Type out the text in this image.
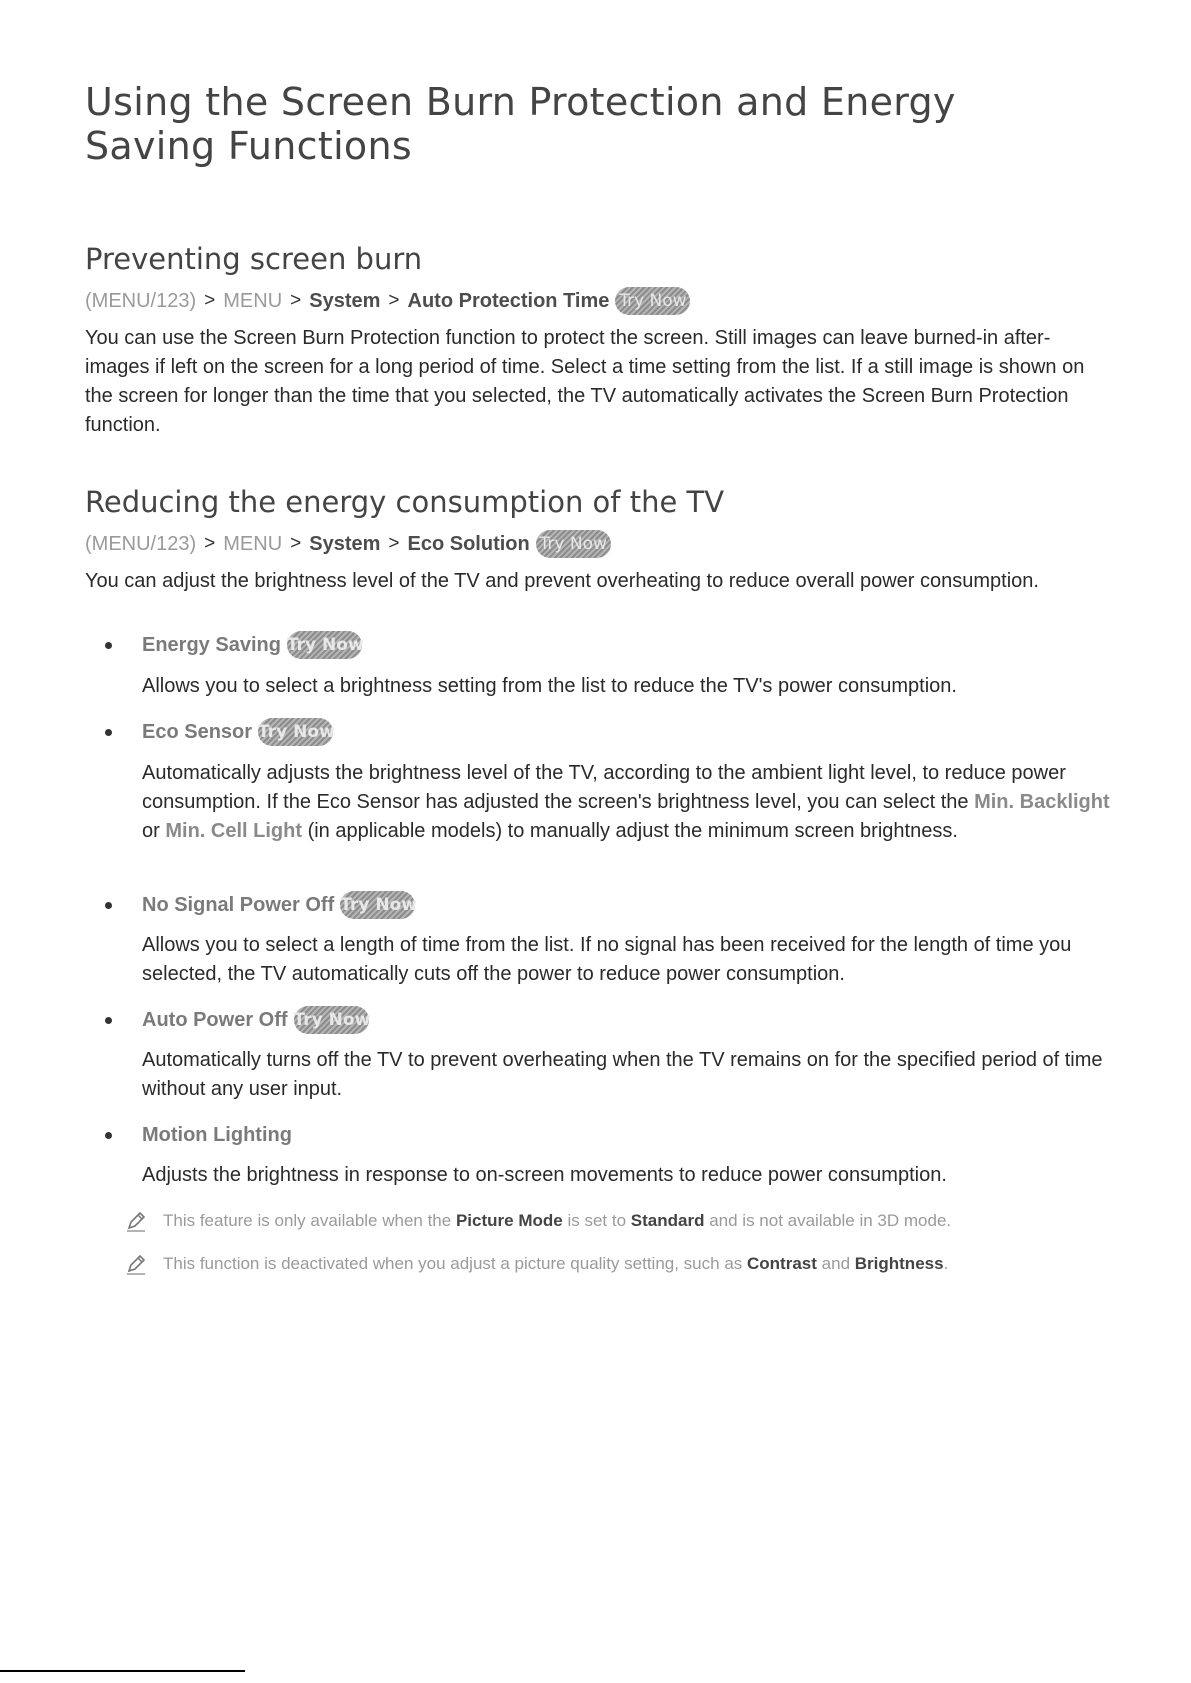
Using the Screen Burn Protection and Energy Saving Functions
Preventing screen burn
(MENU/123) > MENU > System > Auto Protection Time Try Now
You can use the Screen Burn Protection function to protect the screen. Still images can leave burned-in after-images if left on the screen for a long period of time. Select a time setting from the list. If a still image is shown on the screen for longer than the time that you selected, the TV automatically activates the Screen Burn Protection function.
Reducing the energy consumption of the TV
(MENU/123) > MENU > System > Eco Solution Try Now
You can adjust the brightness level of the TV and prevent overheating to reduce overall power consumption.
Energy Saving Try Now
Allows you to select a brightness setting from the list to reduce the TV's power consumption.
Eco Sensor Try Now
Automatically adjusts the brightness level of the TV, according to the ambient light level, to reduce power consumption. If the Eco Sensor has adjusted the screen's brightness level, you can select the Min. Backlight or Min. Cell Light (in applicable models) to manually adjust the minimum screen brightness.
No Signal Power Off Try Now
Allows you to select a length of time from the list. If no signal has been received for the length of time you selected, the TV automatically cuts off the power to reduce power consumption.
Auto Power Off Try Now
Automatically turns off the TV to prevent overheating when the TV remains on for the specified period of time without any user input.
Motion Lighting
Adjusts the brightness in response to on-screen movements to reduce power consumption.
This feature is only available when the
Picture Mode
is set to
Standard
and is not available in 3D mode.
This function is deactivated when you adjust a picture quality setting, such as
Contrast
and
Brightness .
